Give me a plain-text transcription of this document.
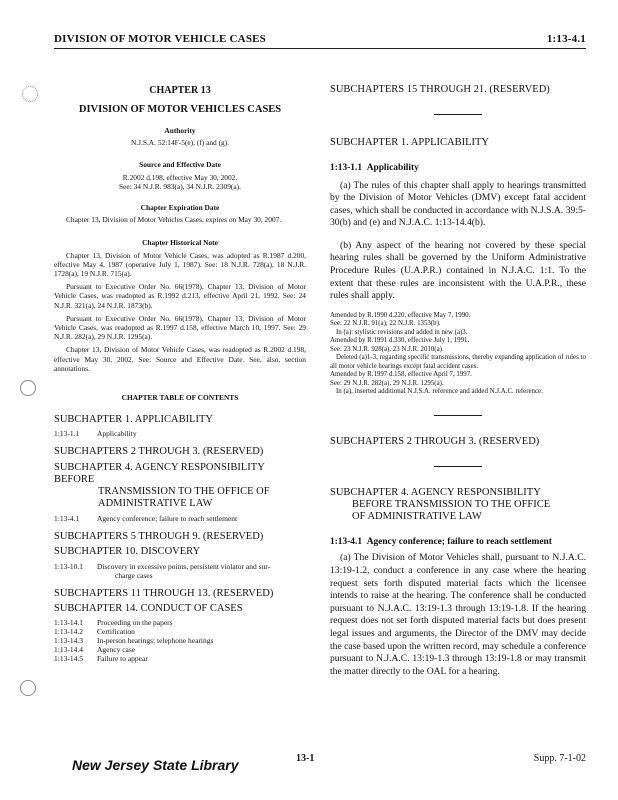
DIVISION OF MOTOR VEHICLE CASES	1:13-4.1
CHAPTER 13
DIVISION OF MOTOR VEHICLES CASES
Authority
N.J.S.A. 52:14F-5(e), (f) and (g).
Source and Effective Date
R.2002 d.198, effective May 30, 2002.
See: 34 N.J.R. 983(a), 34 N.J.R. 2309(a).
Chapter Expiration Date
Chapter 13, Division of Motor Vehicles Cases, expires on May 30, 2007.
Chapter Historical Note
Chapter 13, Division of Motor Vehicle Cases, was adopted as R.1987 d.200, effective May 4, 1987 (operative July 1, 1987). See: 18 N.J.R. 728(a), 18 N.J.R. 1728(a), 19 N.J.R. 715(a).
Pursuant to Executive Order No. 66(1978), Chapter 13, Division of Motor Vehicle Cases, was readopted as R.1992 d.213, effective April 21, 1992. See: 24 N.J.R. 321(a), 24 N.J.R. 1873(b).
Pursuant to Executive Order No. 66(1978), Chapter 13, Division of Motor Vehicle Cases, was readopted as R.1997 d.158, effective March 10, 1997. See: 29 N.J.R. 282(a), 29 N.J.R. 1295(a).
Chapter 13, Division of Motor Vehicle Cases, was readopted as R.2002 d.198, effective May 30, 2002. See: Source and Effective Date. See, also, section annotations.
CHAPTER TABLE OF CONTENTS
SUBCHAPTER 1. APPLICABILITY
1:13-1.1	Applicability
SUBCHAPTERS 2 THROUGH 3. (RESERVED)
SUBCHAPTER 4. AGENCY RESPONSIBILITY BEFORE
TRANSMISSION TO THE OFFICE OF
ADMINISTRATIVE LAW
1:13-4.1	Agency conference; failure to reach settlement
SUBCHAPTERS 5 THROUGH 9. (RESERVED)
SUBCHAPTER 10. DISCOVERY
1:13-10.1	Discovery in excessive points, persistent violator and sur-
charge cases
SUBCHAPTERS 11 THROUGH 13. (RESERVED)
SUBCHAPTER 14. CONDUCT OF CASES
1:13-14.1	Proceeding on the papers
1:13-14.2	Certification
1:13-14.3	In-person hearings; telephone hearings
1:13-14.4	Agency case
1:13-14.5	Failure to appear
SUBCHAPTERS 15 THROUGH 21. (RESERVED)
SUBCHAPTER 1. APPLICABILITY
1:13-1.1 Applicability
(a) The rules of this chapter shall apply to hearings transmitted by the Division of Motor Vehicles (DMV) except fatal accident cases, which shall be conducted in accordance with N.J.S.A. 39:5-30(b) and (e) and N.J.A.C. 1:13-14.4(b).
(b) Any aspect of the hearing not covered by these special hearing rules shall be governed by the Uniform Administrative Procedure Rules (U.A.P.R.) contained in N.J.A.C. 1:1. To the extent that these rules are inconsistent with the U.A.P.R., these rules shall apply.
Amended by R.1990 d.220, effective May 7, 1990.
See: 22 N.J.R. 91(a), 22 N.J.R. 1353(b).
In (a): stylistic revisions and added in new (a)3.
Amended by R.1991 d.330, effective July 1, 1991.
See: 23 N.J.R. 928(a), 23 N.J.R. 2010(a).
Deleted (a)1-3, regarding specific transmissions, thereby expanding application of rules to all motor vehicle hearings except fatal accident cases.
Amended by R.1997 d.158, effective April 7, 1997.
See: 29 N.J.R. 282(a), 29 N.J.R. 1295(a).
In (a), inserted additional N.J.S.A. reference and added N.J.A.C. reference.
SUBCHAPTERS 2 THROUGH 3. (RESERVED)
SUBCHAPTER 4. AGENCY RESPONSIBILITY
BEFORE TRANSMISSION TO THE OFFICE
OF ADMINISTRATIVE LAW
1:13-4.1 Agency conference; failure to reach settlement
(a) The Division of Motor Vehicles shall, pursuant to N.J.A.C. 13:19-1.2, conduct a conference in any case where the hearing request sets forth disputed material facts which the licensee intends to raise at the hearing. The conference shall be conducted pursuant to N.J.A.C. 13:19-1.3 through 13:19-1.8. If the hearing request does not set forth disputed material facts but does present legal issues and arguments, the Director of the DMV may decide the case based upon the written record, may schedule a conference pursuant to N.J.A.C. 13:19-1.3 through 13:19-1.8 or may transmit the matter directly to the OAL for a hearing.
New Jersey State Library	13-1	Supp. 7-1-02
